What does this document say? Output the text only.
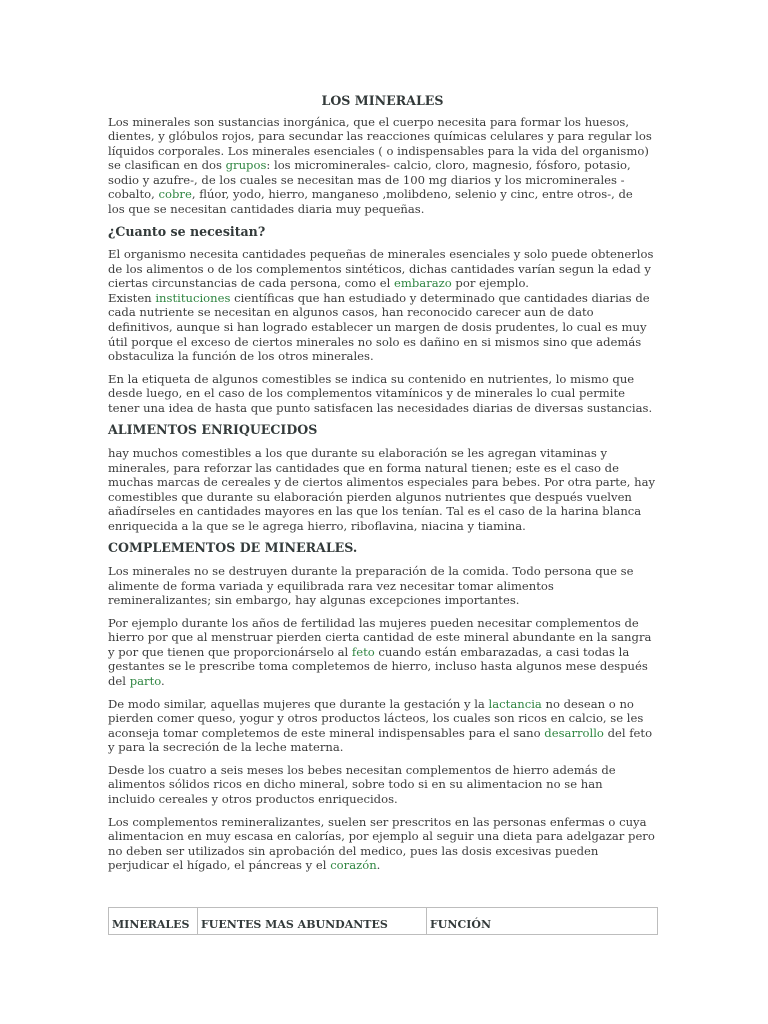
LOS MINERALES
Los minerales son sustancias inorgánica, que el cuerpo necesita para formar los huesos,
dientes, y glóbulos rojos, para secundar las reacciones químicas celulares y para regular los
líquidos corporales. Los minerales esenciales ( o indispensables para la vida del organismo)
se clasifican en dos grupos: los microminerales- calcio, cloro, magnesio, fósforo, potasio,
sodio y azufre-, de los cuales se necesitan mas de 100 mg diarios y los microminerales -
cobalto, cobre, flúor, yodo, hierro, manganeso ,molibdeno, selenio y cinc, entre otros-, de
los que se necesitan cantidades diaria muy pequeñas.
¿Cuanto se necesitan?
El organismo necesita cantidades pequeñas de minerales esenciales y solo puede obtenerlos
de los alimentos o de los complementos sintéticos, dichas cantidades varían segun la edad y
ciertas circunstancias de cada persona, como el embarazo por ejemplo.
Existen instituciones científicas que han estudiado y determinado que cantidades diarias de
cada nutriente se necesitan en algunos casos, han reconocido carecer aun de dato
definitivos, aunque si han logrado establecer un margen de dosis prudentes, lo cual es muy
útil porque el exceso de ciertos minerales no solo es dañino en si mismos sino que además
obstaculiza la función de los otros minerales.
En la etiqueta de algunos comestibles se indica su contenido en nutrientes, lo mismo que
desde luego, en el caso de los complementos vitamínicos y de minerales lo cual permite
tener una idea de hasta que punto satisfacen las necesidades diarias de diversas sustancias.
ALIMENTOS ENRIQUECIDOS
hay muchos comestibles a los que durante su elaboración se les agregan vitaminas y
minerales, para reforzar las cantidades que en forma natural tienen; este es el caso de
muchas marcas de cereales y de ciertos alimentos especiales para bebes. Por otra parte, hay
comestibles que durante su elaboración pierden algunos nutrientes que después vuelven
añadírseles en cantidades mayores en las que los tenían. Tal es el caso de la harina blanca
enriquecida a la que se le agrega hierro, riboflavina, niacina y tiamina.
COMPLEMENTOS DE MINERALES.
Los minerales no se destruyen durante la preparación de la comida. Todo persona que se
alimente de forma variada y equilibrada rara vez necesitar tomar alimentos
remineralizantes; sin embargo, hay algunas excepciones importantes.
Por ejemplo durante los años de fertilidad las mujeres pueden necesitar complementos de
hierro por que al menstruar pierden cierta cantidad de este mineral abundante en la sangra
y por que tienen que proporcionárselo al feto cuando están embarazadas, a casi todas la
gestantes se le prescribe toma completemos de hierro, incluso hasta algunos mese después
del parto.
De modo similar, aquellas mujeres que durante la gestación y la lactancia no desean o no
pierden comer queso, yogur y otros productos lácteos, los cuales son ricos en calcio, se les
aconseja tomar completemos de este mineral indispensables para el sano desarrollo del feto
y para la secreción de la leche materna.
Desde los cuatro a seis meses los bebes necesitan complementos de hierro además de
alimentos sólidos ricos en dicho mineral, sobre todo si en su alimentacion no se han
incluido cereales y otros productos enriquecidos.
Los complementos remineralizantes, suelen ser prescritos en las personas enfermas o cuya
alimentacion en muy escasa en calorías, por ejemplo al seguir una dieta para adelgazar pero
no deben ser utilizados sin aprobación del medico, pues las dosis excesivas pueden
perjudicar el hígado, el páncreas y el corazón.
MINERALES	FUENTES MAS ABUNDANTES	FUNCIÓN
